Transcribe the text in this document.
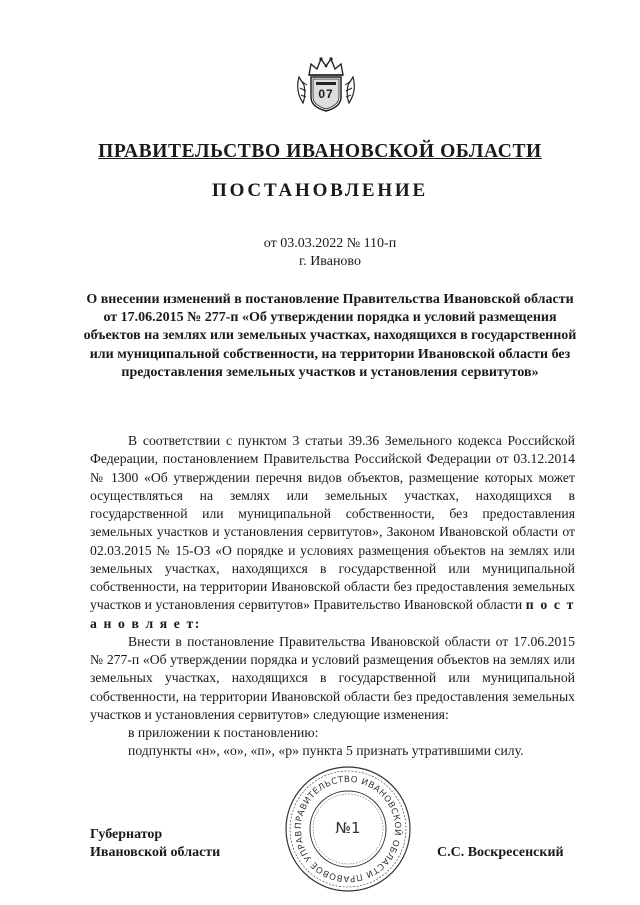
07
ПРАВИТЕЛЬСТВО ИВАНОВСКОЙ ОБЛАСТИ
ПОСТАНОВЛЕНИЕ
от 03.03.2022 № 110-п
г. Иваново
О внесении изменений в постановление Правительства Ивановской области от 17.06.2015 № 277-п «Об утверждении порядка и условий размещения объектов на землях или земельных участках, находящихся в государственной или муниципальной собственности, на территории Ивановской области без предоставления земельных участков и установления сервитутов»

В соответствии с пунктом 3 статьи 39.36 Земельного кодекса Российской Федерации, постановлением Правительства Российской Федерации от 03.12.2014 № 1300 «Об утверждении перечня видов объектов, размещение которых может осуществляться на землях или земельных участках, находящихся в государственной или муниципальной собственности, без предоставления земельных участков и установления сервитутов», Законом Ивановской области от 02.03.2015 № 15-ОЗ «О порядке и условиях размещения объектов на землях или земельных участках, находящихся в государственной или муниципальной собственности, на территории Ивановской области без предоставления земельных участков и установления сервитутов» Правительство Ивановской области п о с т а н о в л я е т:

Внести в постановление Правительства Ивановской области от 17.06.2015 № 277-п «Об утверждении порядка и условий размещения объектов на землях или земельных участках, находящихся в государственной или муниципальной собственности, на территории Ивановской области без предоставления земельных участков и установления сервитутов» следующие изменения:

в приложении к постановлению:

подпункты «н», «о», «п», «р» пункта 5 признать утратившими силу.

ПРАВИТЕЛЬСТВО ИВАНОВСКОЙ ОБЛАСТИ ПРАВОВОЕ УПРАВ	№1
Губернатор
Ивановской области	С.С. Воскресенский
